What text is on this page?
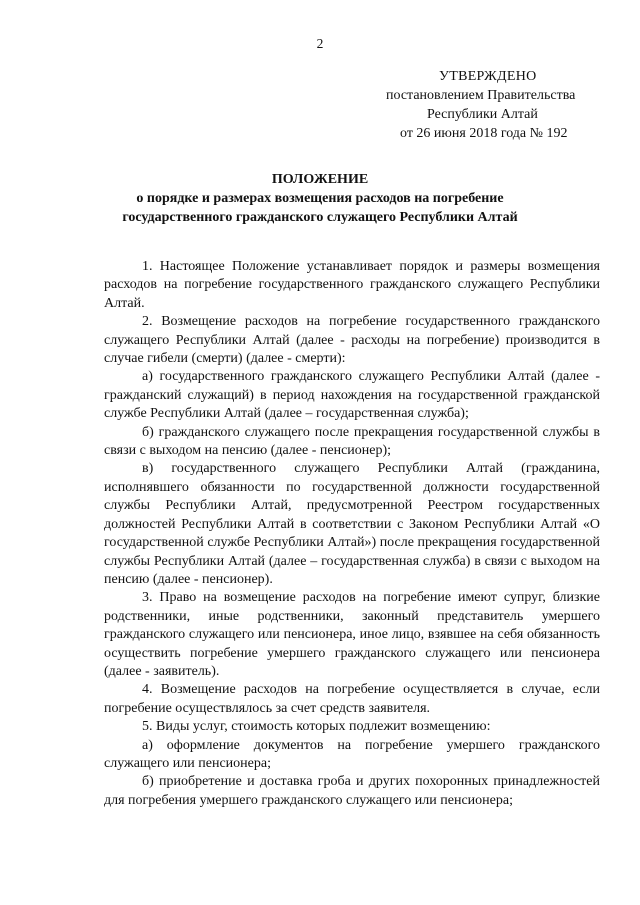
2
УТВЕРЖДЕНО
постановлением Правительства
Республики Алтай
от 26 июня 2018 года № 192
ПОЛОЖЕНИЕ
о порядке и размерах возмещения расходов на погребение
государственного гражданского служащего Республики Алтай

1. Настоящее Положение устанавливает порядок и размеры возмещения расходов на погребение государственного гражданского служащего Республики Алтай.

2. Возмещение расходов на погребение государственного гражданского служащего Республики Алтай (далее - расходы на погребение) производится в случае гибели (смерти) (далее - смерти):

а) государственного гражданского служащего Республики Алтай (далее - гражданский служащий) в период нахождения на государственной гражданской службе Республики Алтай (далее – государственная служба);

б) гражданского служащего после прекращения государственной службы в связи с выходом на пенсию (далее - пенсионер);

в) государственного служащего Республики Алтай (гражданина, исполнявшего обязанности по государственной должности государственной службы Республики Алтай, предусмотренной Реестром государственных должностей Республики Алтай в соответствии с Законом Республики Алтай «О государственной службе Республики Алтай») после прекращения государственной службы Республики Алтай (далее – государственная служба) в связи с выходом на пенсию (далее - пенсионер).

3. Право на возмещение расходов на погребение имеют супруг, близкие родственники, иные родственники, законный представитель умершего гражданского служащего или пенсионера, иное лицо, взявшее на себя обязанность осуществить погребение умершего гражданского служащего или пенсионера (далее - заявитель).

4. Возмещение расходов на погребение осуществляется в случае, если погребение осуществлялось за счет средств заявителя.

5. Виды услуг, стоимость которых подлежит возмещению:

а) оформление документов на погребение умершего гражданского служащего или пенсионера;

б) приобретение и доставка гроба и других похоронных принадлежностей для погребения умершего гражданского служащего или пенсионера;
